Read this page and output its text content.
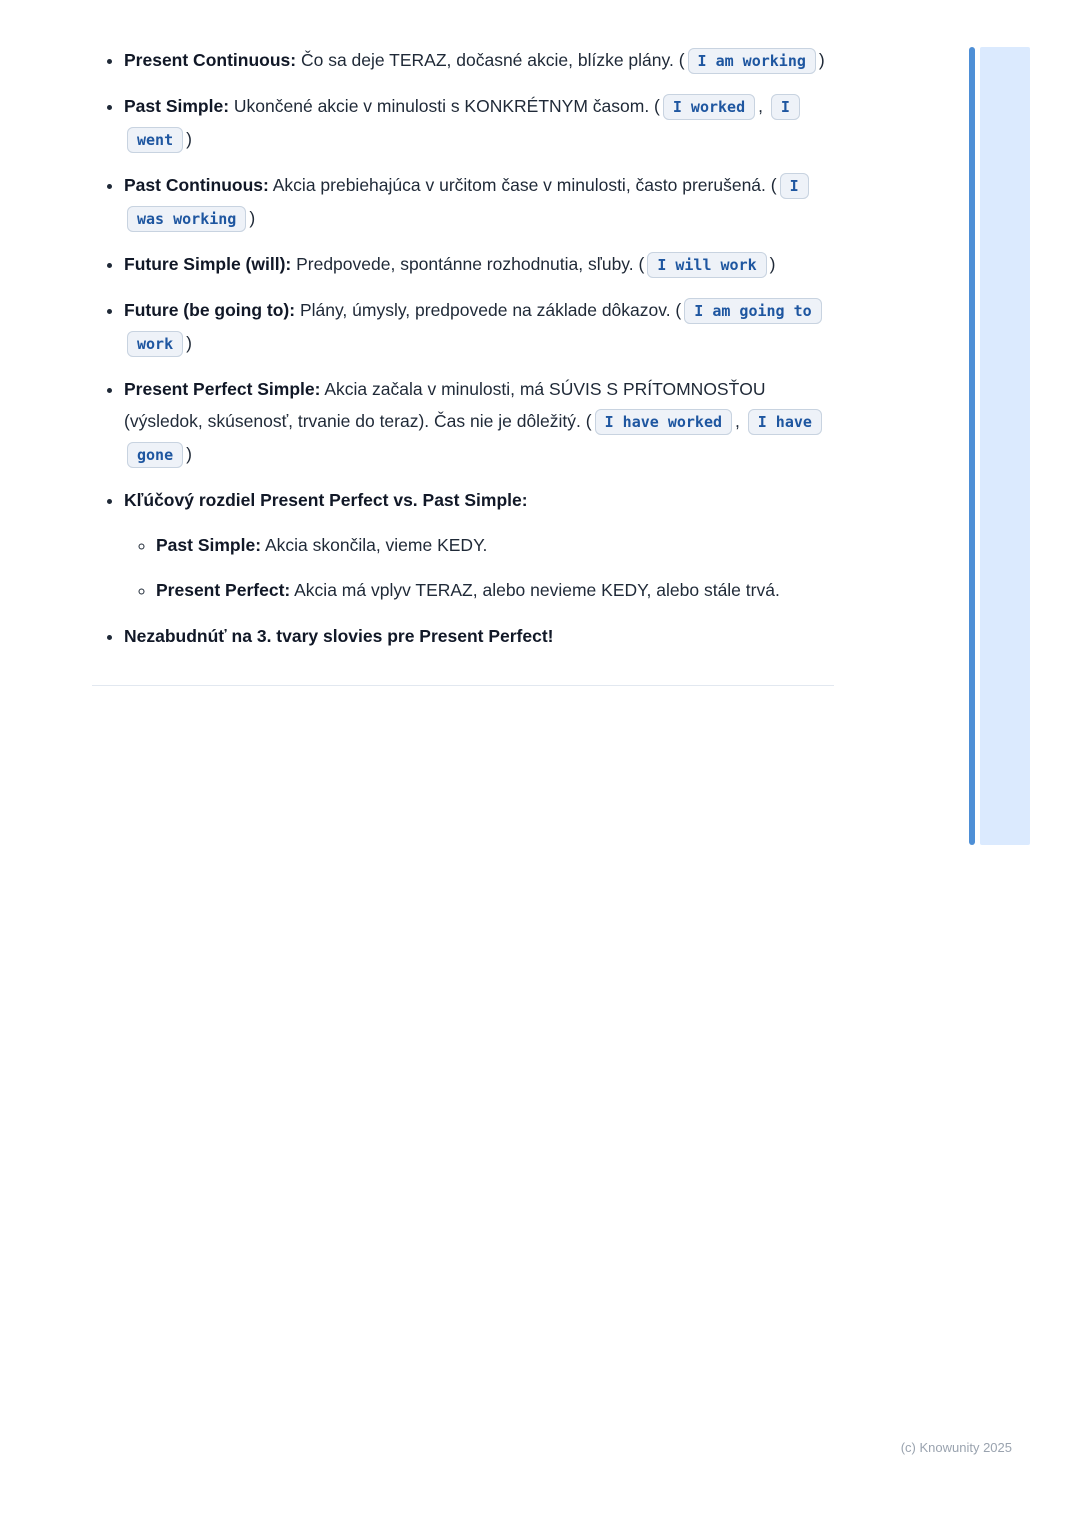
• Present Continuous: Čo sa deje TERAZ, dočasné akcie, blízke plány. ( I am working )
• Past Simple: Ukončené akcie v minulosti s KONKRÉTNYM časom. ( I worked , I went )
• Past Continuous: Akcia prebiehajúca v určitom čase v minulosti, často prerušená. ( I was working )
• Future Simple (will): Predpovede, spontánne rozhodnutia, sľuby. ( I will work )
• Future (be going to): Plány, úmysly, predpovede na základe dôkazov. ( I am going to work )
• Present Perfect Simple: Akcia začala v minulosti, má SÚVIS S PRÍTOMNOSŤOU (výsledok, skúsenosť, trvanie do teraz). Čas nie je dôležitý. ( I have worked , I have gone )
• Kľúčový rozdiel Present Perfect vs. Past Simple:
◦ Past Simple: Akcia skončila, vieme KEDY.
◦ Present Perfect: Akcia má vplyv TERAZ, alebo nevieme KEDY, alebo stále trvá.
• Nezabudnúť na 3. tvary slovies pre Present Perfect!
(c) Knowunity 2025
